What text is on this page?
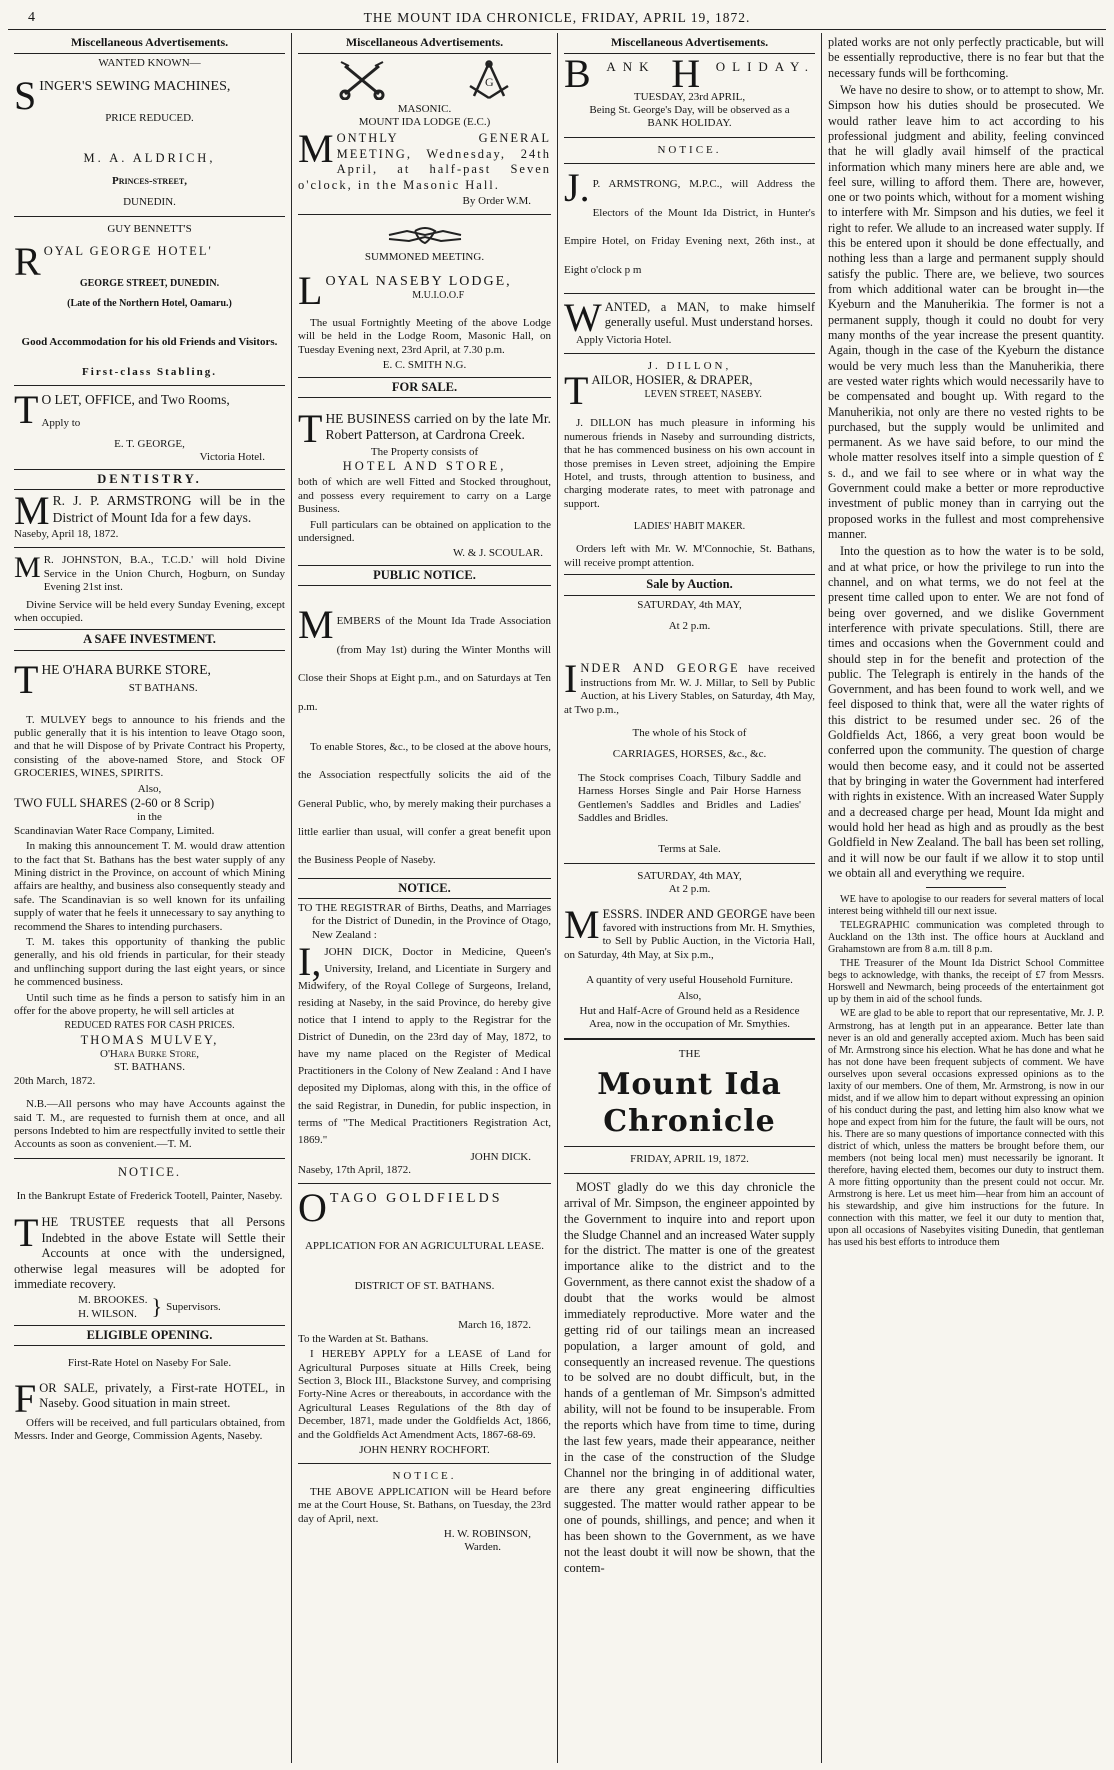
4	THE MOUNT IDA CHRONICLE, FRIDAY, APRIL 19, 1872.
Miscellaneous Advertisements.
WANTED KNOWN—
SINGER'S SEWING MACHINES,
PRICE REDUCED.
M. A. ALDRICH,
Princes-street,
DUNEDIN.
GUY BENNETT'S
ROYAL GEORGE HOTEL'
GEORGE STREET, DUNEDIN.
(Late of the Northern Hotel, Oamaru.)
Good Accommodation for his old Friends and Visitors.
First-class Stabling.
T O LET, OFFICE, and Two Rooms,
Apply to
E. T. GEORGE,
Victoria Hotel.
DENTISTRY.

M R. J. P. ARMSTRONG will be in the District of Mount Ida for a few days.

Naseby, April 18, 1872.

M R. JOHNSTON, B.A., T.C.D.' will hold Divine Service in the Union Church, Hogburn, on Sunday Evening 21st inst.

Divine Service will be held every Sunday Evening, except when occupied.

A SAFE INVESTMENT.
THE O'HARA BURKE STORE,
ST BATHANS.

T. MULVEY begs to announce to his friends and the public generally that it is his intention to leave Otago soon, and that he will Dispose of by Private Contract his Property, consisting of the above-named Store, and Stock OF GROCERIES, WINES, SPIRITS.

Also,
TWO FULL SHARES (2-60 or 8 Scrip)
in the
Scandinavian Water Race Company, Limited.

In making this announcement T. M. would draw attention to the fact that St. Bathans has the best water supply of any Mining district in the Province, on account of which Mining affairs are healthy, and business also consequently steady and safe. The Scandinavian is so well known for its unfailing supply of water that he feels it unnecessary to say anything to recommend the Shares to intending purchasers.

T. M. takes this opportunity of thanking the public generally, and his old friends in particular, for their steady and unflinching support during the last eight years, or since he commenced business.

Until such time as he finds a person to satisfy him in an offer for the above property, he will sell articles at

REDUCED RATES FOR CASH PRICES.
THOMAS MULVEY,
O'Hara Burke Store,
ST. BATHANS.
20th March, 1872.

N.B.—All persons who may have Accounts against the said T. M., are requested to furnish them at once, and all persons Indebted to him are respectfully invited to settle their Accounts as soon as convenient.—T. M.

NOTICE.

In the Bankrupt Estate of Frederick Tootell, Painter, Naseby.

THE TRUSTEE requests that all Persons Indebted in the above Estate will Settle their Accounts at once with the undersigned, otherwise legal measures will be adopted for immediate recovery.

M. BROOKES.
H. WILSON. } Supervisors.
ELIGIBLE OPENING.
First-Rate Hotel on Naseby For Sale.

FOR SALE, privately, a First-rate HOTEL, in Naseby. Good situation in main street.

Offers will be received, and full particulars obtained, from Messrs. Inder and George, Commission Agents, Naseby.

Miscellaneous Advertisements.
G
MASONIC.
MOUNT IDA LODGE (E.C.)

MONTHLY GENERAL MEETING, Wednesday, 24th April, at half-past Seven o'clock, in the Masonic Hall.

By Order W.M.
SUMMONED MEETING.
LOYAL NASEBY LODGE,
M.U.I.O.O.F

The usual Fortnightly Meeting of the above Lodge will be held in the Lodge Room, Masonic Hall, on Tuesday Evening next, 23rd April, at 7.30 p.m.

E. C. SMITH N.G.
FOR SALE.

THE BUSINESS carried on by the late Mr. Robert Patterson, at Cardrona Creek.

The Property consists of
HOTEL AND STORE,

both of which are well Fitted and Stocked throughout, and possess every requirement to carry on a Large Business.

Full particulars can be obtained on application to the undersigned.

W. & J. SCOULAR.
PUBLIC NOTICE.

MEMBERS of the Mount Ida Trade Association (from May 1st) during the Winter Months will Close their Shops at Eight p.m., and on Saturdays at Ten p.m.

To enable Stores, &c., to be closed at the above hours, the Association respectfully solicits the aid of the General Public, who, by merely making their purchases a little earlier than usual, will confer a great benefit upon the Business People of Naseby.

NOTICE.

TO THE REGISTRAR of Births, Deaths, and Marriages for the District of Dunedin, in the Province of Otago, New Zealand :

I, JOHN DICK, Doctor in Medicine, Queen's University, Ireland, and Licentiate in Surgery and Midwifery, of the Royal College of Surgeons, Ireland, residing at Naseby, in the said Province, do hereby give notice that I intend to apply to the Registrar for the District of Dunedin, on the 23rd day of May, 1872, to have my name placed on the Register of Medical Practitioners in the Colony of New Zealand : And I have deposited my Diplomas, along with this, in the office of the said Registrar, in Dunedin, for public inspection, in terms of "The Medical Practitioners Registration Act, 1869."

JOHN DICK.
Naseby, 17th April, 1872.
OTAGO GOLDFIELDS
APPLICATION FOR AN AGRICULTURAL LEASE.
DISTRICT OF ST. BATHANS.
March 16, 1872.
To the Warden at St. Bathans.

I HEREBY APPLY for a LEASE of Land for Agricultural Purposes situate at Hills Creek, being Section 3, Block III., Blackstone Survey, and comprising Forty-Nine Acres or thereabouts, in accordance with the Agricultural Leases Regulations of the 8th day of December, 1871, made under the Goldfields Act, 1866, and the Goldfields Act Amendment Acts, 1867-68-69.

JOHN HENRY ROCHFORT.
NOTICE.

THE ABOVE APPLICATION will be Heard before me at the Court House, St. Bathans, on Tuesday, the 23rd day of April, next.

H. W. ROBINSON,
Warden.
Miscellaneous Advertisements.
B ANK H OLIDAY.
TUESDAY, 23rd APRIL,
Being St. George's Day, will be observed as a
BANK HOLIDAY.
NOTICE.

J. P. ARMSTRONG, M.P.C., will Address the Electors of the Mount Ida District, in Hunter's Empire Hotel, on Friday Evening next, 26th inst., at Eight o'clock p m

WANTED, a MAN, to make himself generally useful. Must understand horses.

Apply Victoria Hotel.
J. DILLON,
TAILOR, HOSIER, & DRAPER,
LEVEN STREET, NASEBY.

J. DILLON has much pleasure in informing his numerous friends in Naseby and surrounding districts, that he has commenced business on his own account in those premises in Leven street, adjoining the Empire Hotel, and trusts, through attention to business, and charging moderate rates, to meet with patronage and support.

LADIES' HABIT MAKER.

Orders left with Mr. W. M'Connochie, St. Bathans, will receive prompt attention.

Sale by Auction.
SATURDAY, 4th MAY,
At 2 p.m.

INDER AND GEORGE have received instructions from Mr. W. J. Millar, to Sell by Public Auction, at his Livery Stables, on Saturday, 4th May, at Two p.m.,

The whole of his Stock of
CARRIAGES, HORSES, &c., &c.

The Stock comprises Coach, Tilbury Saddle and Harness Horses Single and Pair Horse Harness Gentlemen's Saddles and Bridles and Ladies' Saddles and Bridles.

Terms at Sale.
SATURDAY, 4th MAY,
At 2 p.m.

MESSRS. INDER AND GEORGE have been favored with instructions from Mr. H. Smythies, to Sell by Public Auction, in the Victoria Hall, on Saturday, 4th May, at Six p.m.,

A quantity of very useful Household Furniture.

Also,

Hut and Half-Acre of Ground held as a Residence Area, now in the occupation of Mr. Smythies.

THE
Mount Ida Chronicle
FRIDAY, APRIL 19, 1872.

MOST gladly do we this day chronicle the arrival of Mr. Simpson, the engineer appointed by the Government to inquire into and report upon the Sludge Channel and an increased Water supply for the district. The matter is one of the greatest importance alike to the district and to the Government, as there cannot exist the shadow of a doubt that the works would be almost immediately reproductive. More water and the getting rid of our tailings mean an increased population, a larger amount of gold, and consequently an increased revenue. The questions to be solved are no doubt difficult, but, in the hands of a gentleman of Mr. Simpson's admitted ability, will not be found to be insuperable. From the reports which have from time to time, during the last few years, made their appearance, neither in the case of the construction of the Sludge Channel nor the bringing in of additional water, are there any great engineering difficulties suggested. The matter would rather appear to be one of pounds, shillings, and pence; and when it has been shown to the Government, as we have not the least doubt it will now be shown, that the contem-

plated works are not only perfectly practicable, but will be essentially reproductive, there is no fear but that the necessary funds will be forthcoming.

We have no desire to show, or to attempt to show, Mr. Simpson how his duties should be prosecuted. We would rather leave him to act according to his professional judgment and ability, feeling convinced that he will gladly avail himself of the practical information which many miners here are able and, we feel sure, willing to afford them. There are, however, one or two points which, without for a moment wishing to interfere with Mr. Simpson and his duties, we feel it right to refer. We allude to an increased water supply. If this be entered upon it should be done effectually, and nothing less than a large and permanent supply should satisfy the public. There are, we believe, two sources from which additional water can be brought in—the Kyeburn and the Manuherikia. The former is not a permanent supply, though it could no doubt for very many months of the year increase the present quantity. Again, though in the case of the Kyeburn the distance would be very much less than the Manuherikia, there are vested water rights which would necessarily have to be compensated and bought up. With regard to the Manuherikia, not only are there no vested rights to be purchased, but the supply would be unlimited and permanent. As we have said before, to our mind the whole matter resolves itself into a simple question of £ s. d., and we fail to see where or in what way the Government could make a better or more reproductive investment of public money than in carrying out the proposed works in the fullest and most comprehensive manner.

Into the question as to how the water is to be sold, and at what price, or how the privilege to run into the channel, and on what terms, we do not feel at the present time called upon to enter. We are not fond of being over governed, and we dislike Government interference with private speculations. Still, there are times and occasions when the Government could and should step in for the benefit and protection of the public. The Telegraph is entirely in the hands of the Government, and has been found to work well, and we feel disposed to think that, were all the water rights of this district to be resumed under sec. 26 of the Goldfields Act, 1866, a very great boon would be conferred upon the community. The question of charge would then become easy, and it could not be asserted that by bringing in water the Government had interfered with rights in existence. With an increased Water Supply and a decreased charge per head, Mount Ida might and would hold her head as high and as proudly as the best Goldfield in New Zealand. The ball has been set rolling, and it will now be our fault if we allow it to stop until we obtain all and everything we require.

WE have to apologise to our readers for several matters of local interest being withheld till our next issue.

TELEGRAPHIC communication was completed through to Auckland on the 13th inst. The office hours at Auckland and Grahamstown are from 8 a.m. till 8 p.m.

THE Treasurer of the Mount Ida District School Committee begs to acknowledge, with thanks, the receipt of £7 from Messrs. Horswell and Newmarch, being proceeds of the entertainment got up by them in aid of the school funds.

WE are glad to be able to report that our representative, Mr. J. P. Armstrong, has at length put in an appearance. Better late than never is an old and generally accepted axiom. Much has been said of Mr. Armstrong since his election. What he has done and what he has not done have been frequent subjects of comment. We have ourselves upon several occasions expressed opinions as to the laxity of our members. One of them, Mr. Armstrong, is now in our midst, and if we allow him to depart without expressing an opinion of his conduct during the past, and letting him also know what we hope and expect from him for the future, the fault will be ours, not his. There are so many questions of importance connected with this district of which, unless the matters be brought before them, our members (not being local men) must necessarily be ignorant. It therefore, having elected them, becomes our duty to instruct them. A more fitting opportunity than the present could not occur. Mr. Armstrong is here. Let us meet him—hear from him an account of his stewardship, and give him instructions for the future. In connection with this matter, we feel it our duty to mention that, upon all occasions of Nasebyites visiting Dunedin, that gentleman has used his best efforts to introduce them
